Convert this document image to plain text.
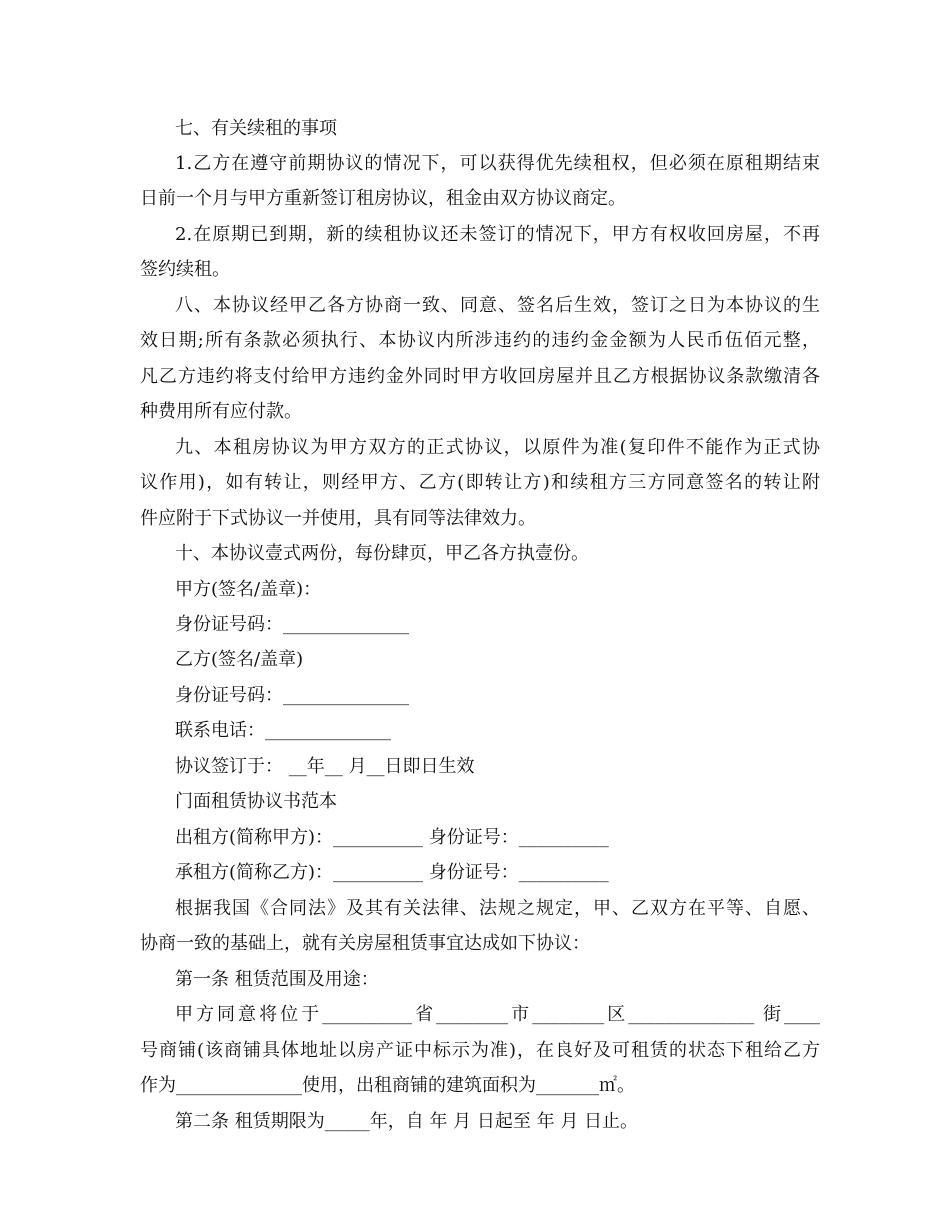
七、有关续租的事项
1.乙方在遵守前期协议的情况下，可以获得优先续租权，但必须在原租期结束
日前一个月与甲方重新签订租房协议，租金由双方协议商定。
2.在原期已到期，新的续租协议还未签订的情况下，甲方有权收回房屋，不再
签约续租。
八、本协议经甲乙各方协商一致、同意、签名后生效，签订之日为本协议的生
效日期;所有条款必须执行、本协议内所涉违约的违约金金额为人民币伍佰元整，
凡乙方违约将支付给甲方违约金外同时甲方收回房屋并且乙方根据协议条款缴清各
种费用所有应付款。
九、本租房协议为甲方双方的正式协议，以原件为准(复印件不能作为正式协
议作用)，如有转让，则经甲方、乙方(即转让方)和续租方三方同意签名的转让附
件应附于下式协议一并使用，具有同等法律效力。
十、本协议壹式两份，每份肆页，甲乙各方执壹份。
甲方(签名/盖章)：
身份证号码：______________
乙方(签名/盖章)
身份证号码：______________
联系电话：______________
协议签订于： __年__ 月__日即日生效
门面租赁协议书范本
出租方(简称甲方)：__________ 身份证号：__________
承租方(简称乙方)：__________ 身份证号：__________
根据我国《合同法》及其有关法律、法规之规定，甲、乙双方在平等、自愿、
协商一致的基础上，就有关房屋租赁事宜达成如下协议：
第一条 租赁范围及用途：
甲方同意将位于__________省________市________区______________ 街____
号商铺(该商铺具体地址以房产证中标示为准)，在良好及可租赁的状态下租给乙方
作为______________使用，出租商铺的建筑面积为_______㎡。
第二条 租赁期限为_____年，自 年 月 日起至 年 月 日止。
